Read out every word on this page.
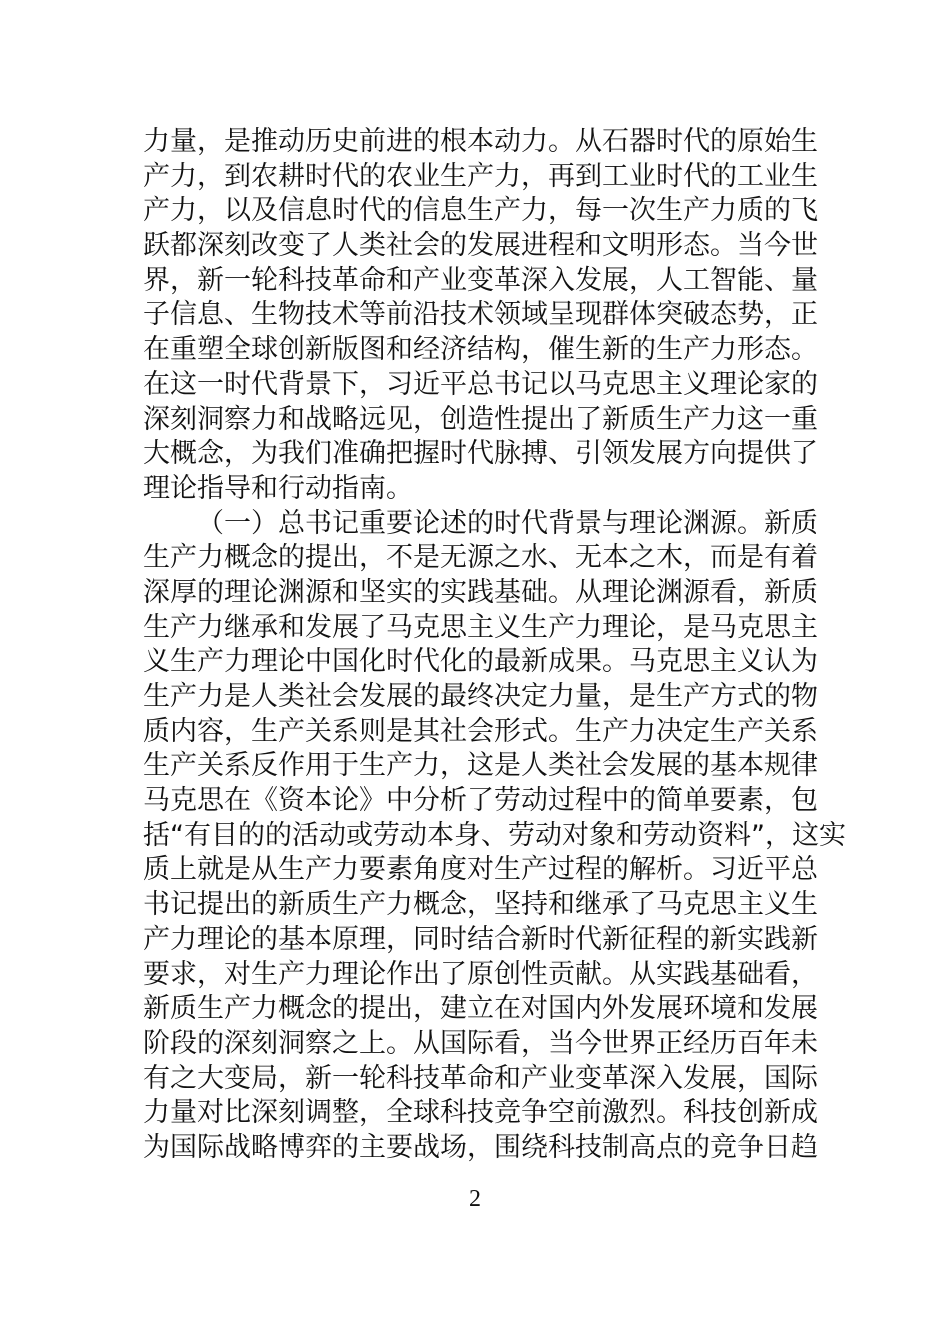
力 量 ， 是 推 动 历 史 前 进 的 根 本 动 力 。 从 石 器 时 代 的 原 始 生
产 力 ， 到 农 耕 时 代 的 农 业 生 产 力 ， 再 到 工 业 时 代 的 工 业 生
产 力 ， 以 及 信 息 时 代 的 信 息 生 产 力 ， 每 一 次 生 产 力 质 的 飞
跃 都 深 刻 改 变 了 人 类 社 会 的 发 展 进 程 和 文 明 形 态 。 当 今 世
界 ， 新 一 轮 科 技 革 命 和 产 业 变 革 深 入 发 展 ， 人 工 智 能 、 量
子 信 息 、 生 物 技 术 等 前 沿 技 术 领 域 呈 现 群 体 突 破 态 势 ， 正
在 重 塑 全 球 创 新 版 图 和 经 济 结 构 ， 催 生 新 的 生 产 力 形 态 。
在 这 一 时 代 背 景 下 ， 习 近 平 总 书 记 以 马 克 思 主 义 理 论 家 的
深 刻 洞 察 力 和 战 略 远 见 ， 创 造 性 提 出 了 新 质 生 产 力 这 一 重
大 概 念 ， 为 我 们 准 确 把 握 时 代 脉 搏 、 引 领 发 展 方 向 提 供 了
理论指导和行动指南。

（ 一 ） 总 书 记 重 要 论 述 的 时 代 背 景 与 理 论 渊 源 。 新 质
生 产 力 概 念 的 提 出 ， 不 是 无 源 之 水 、 无 本 之 木 ， 而 是 有 着
深 厚 的 理 论 渊 源 和 坚 实 的 实 践 基 础 。 从 理 论 渊 源 看 ， 新 质
生 产 力 继 承 和 发 展 了 马 克 思 主 义 生 产 力 理 论 ， 是 马 克 思 主
义 生 产 力 理 论 中 国 化 时 代 化 的 最 新 成 果 。 马 克 思 主 义 认 为
生 产 力 是 人 类 社 会 发 展 的 最 终 决 定 力 量 ， 是 生 产 方 式 的 物
质 内 容 ， 生 产 关 系 则 是 其 社 会 形 式 。 生 产 力 决 定 生 产 关 系
生 产 关 系 反 作 用 于 生 产 力 ， 这 是 人 类 社 会 发 展 的 基 本 规 律
马 克 思 在 《 资 本 论 》 中 分 析 了 劳 动 过 程 中 的 简 单 要 素 ， 包
括 “ 有 目 的 的 活 动 或 劳 动 本 身 、 劳 动 对 象 和 劳 动 资 料 ” ， 这 实
质 上 就 是 从 生 产 力 要 素 角 度 对 生 产 过 程 的 解 析 。 习 近 平 总
书 记 提 出 的 新 质 生 产 力 概 念 ， 坚 持 和 继 承 了 马 克 思 主 义 生
产 力 理 论 的 基 本 原 理 ， 同 时 结 合 新 时 代 新 征 程 的 新 实 践 新
要 求 ， 对 生 产 力 理 论 作 出 了 原 创 性 贡 献 。 从 实 践 基 础 看 ，
新 质 生 产 力 概 念 的 提 出 ， 建 立 在 对 国 内 外 发 展 环 境 和 发 展
阶 段 的 深 刻 洞 察 之 上 。 从 国 际 看 ， 当 今 世 界 正 经 历 百 年 未
有 之 大 变 局 ， 新 一 轮 科 技 革 命 和 产 业 变 革 深 入 发 展 ， 国 际
力 量 对 比 深 刻 调 整 ， 全 球 科 技 竞 争 空 前 激 烈 。 科 技 创 新 成
为 国 际 战 略 博 弈 的 主 要 战 场 ， 围 绕 科 技 制 高 点 的 竞 争 日 趋
2
